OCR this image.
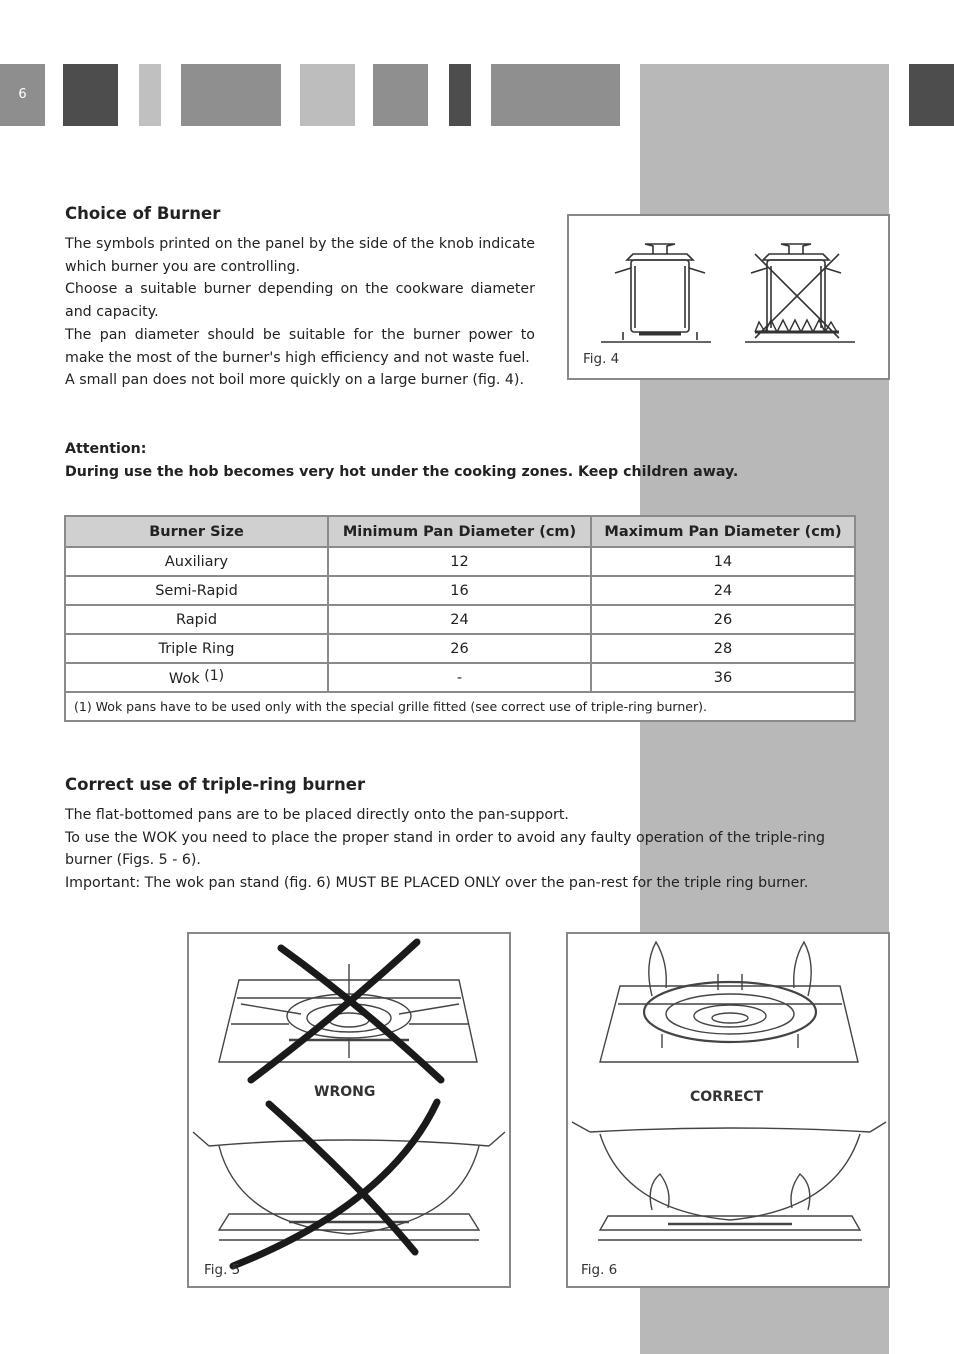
6
Choice of Burner

The symbols printed on the panel by the side of the knob indicate which burner you are controlling.

Choose a suitable burner depending on the cookware diameter and capacity.

The pan diameter should be suitable for the burner power to make the most of the burner's high efficiency and not waste fuel.

A small pan does not boil more quickly on a large burner (fig. 4).

Fig. 4
Attention:
During use the hob becomes very hot under the cooking zones. Keep children away.
Burner Size	Minimum Pan Diameter (cm)	Maximum Pan Diameter (cm)
Auxiliary	12	14
Semi-Rapid	16	24
Rapid	24	26
Triple Ring	26	28
Wok $^{(1)}$	-	36
(1) Wok pans have to be used only with the special grille fitted (see correct use of triple-ring burner).		
Correct use of triple-ring burner

The flat-bottomed pans are to be placed directly onto the pan-support.

To use the WOK you need to place the proper stand in order to avoid any faulty operation of the triple-ring burner (Figs. 5 - 6).

Important: The wok pan stand (fig. 6) MUST BE PLACED ONLY over the pan-rest for the triple ring burner.

WRONG
Fig. 5
CORRECT
Fig. 6
